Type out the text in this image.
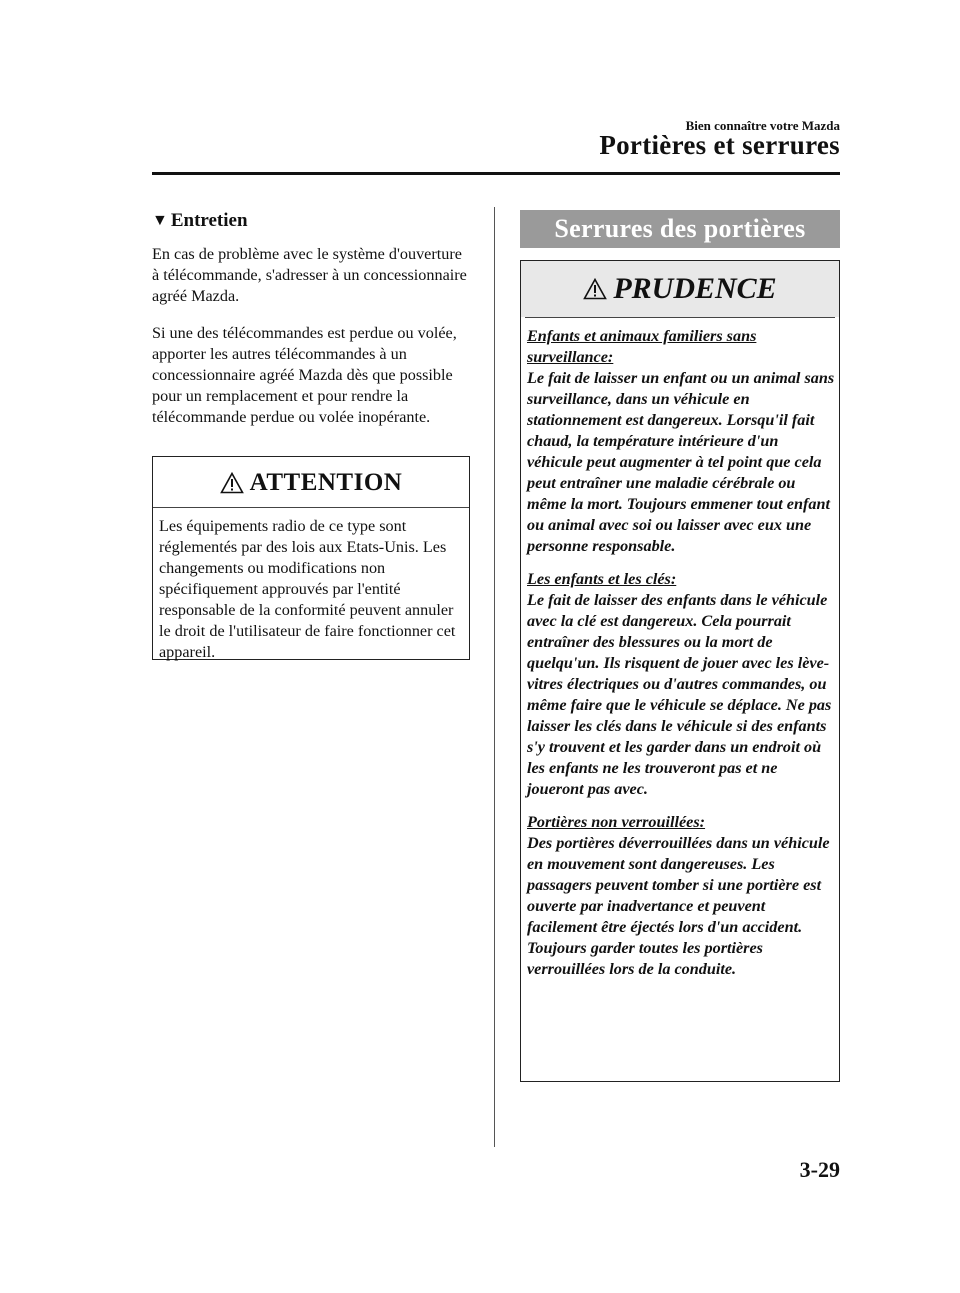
Bien connaître votre Mazda
Portières et serrures
▼ Entretien

En cas de problème avec le système d'ouverture à télécommande, s'adresser à un concessionnaire agréé Mazda.

Si une des télécommandes est perdue ou volée, apporter les autres télécommandes à un concessionnaire agréé Mazda dès que possible pour un remplacement et pour rendre la télécommande perdue ou volée inopérante.

ATTENTION
Les équipements radio de ce type sont réglementés par des lois aux Etats-Unis. Les changements ou modifications non spécifiquement approuvés par l'entité responsable de la conformité peuvent annuler le droit de l'utilisateur de faire fonctionner cet appareil.
Serrures des portières
PRUDENCE

Enfants et animaux familiers sans surveillance:
Le fait de laisser un enfant ou un animal sans surveillance, dans un véhicule en stationnement est dangereux. Lorsqu'il fait chaud, la température intérieure d'un véhicule peut augmenter à tel point que cela peut entraîner une maladie cérébrale ou même la mort. Toujours emmener tout enfant ou animal avec soi ou laisser avec eux une personne responsable.

Les enfants et les clés:
Le fait de laisser des enfants dans le véhicule avec la clé est dangereux. Cela pourrait entraîner des blessures ou la mort de quelqu'un. Ils risquent de jouer avec les lève-vitres électriques ou d'autres commandes, ou même faire que le véhicule se déplace. Ne pas laisser les clés dans le véhicule si des enfants s'y trouvent et les garder dans un endroit où les enfants ne les trouveront pas et ne joueront pas avec.

Portières non verrouillées:
Des portières déverrouillées dans un véhicule en mouvement sont dangereuses. Les passagers peuvent tomber si une portière est ouverte par inadvertance et peuvent facilement être éjectés lors d'un accident. Toujours garder toutes les portières verrouillées lors de la conduite.

3-29
